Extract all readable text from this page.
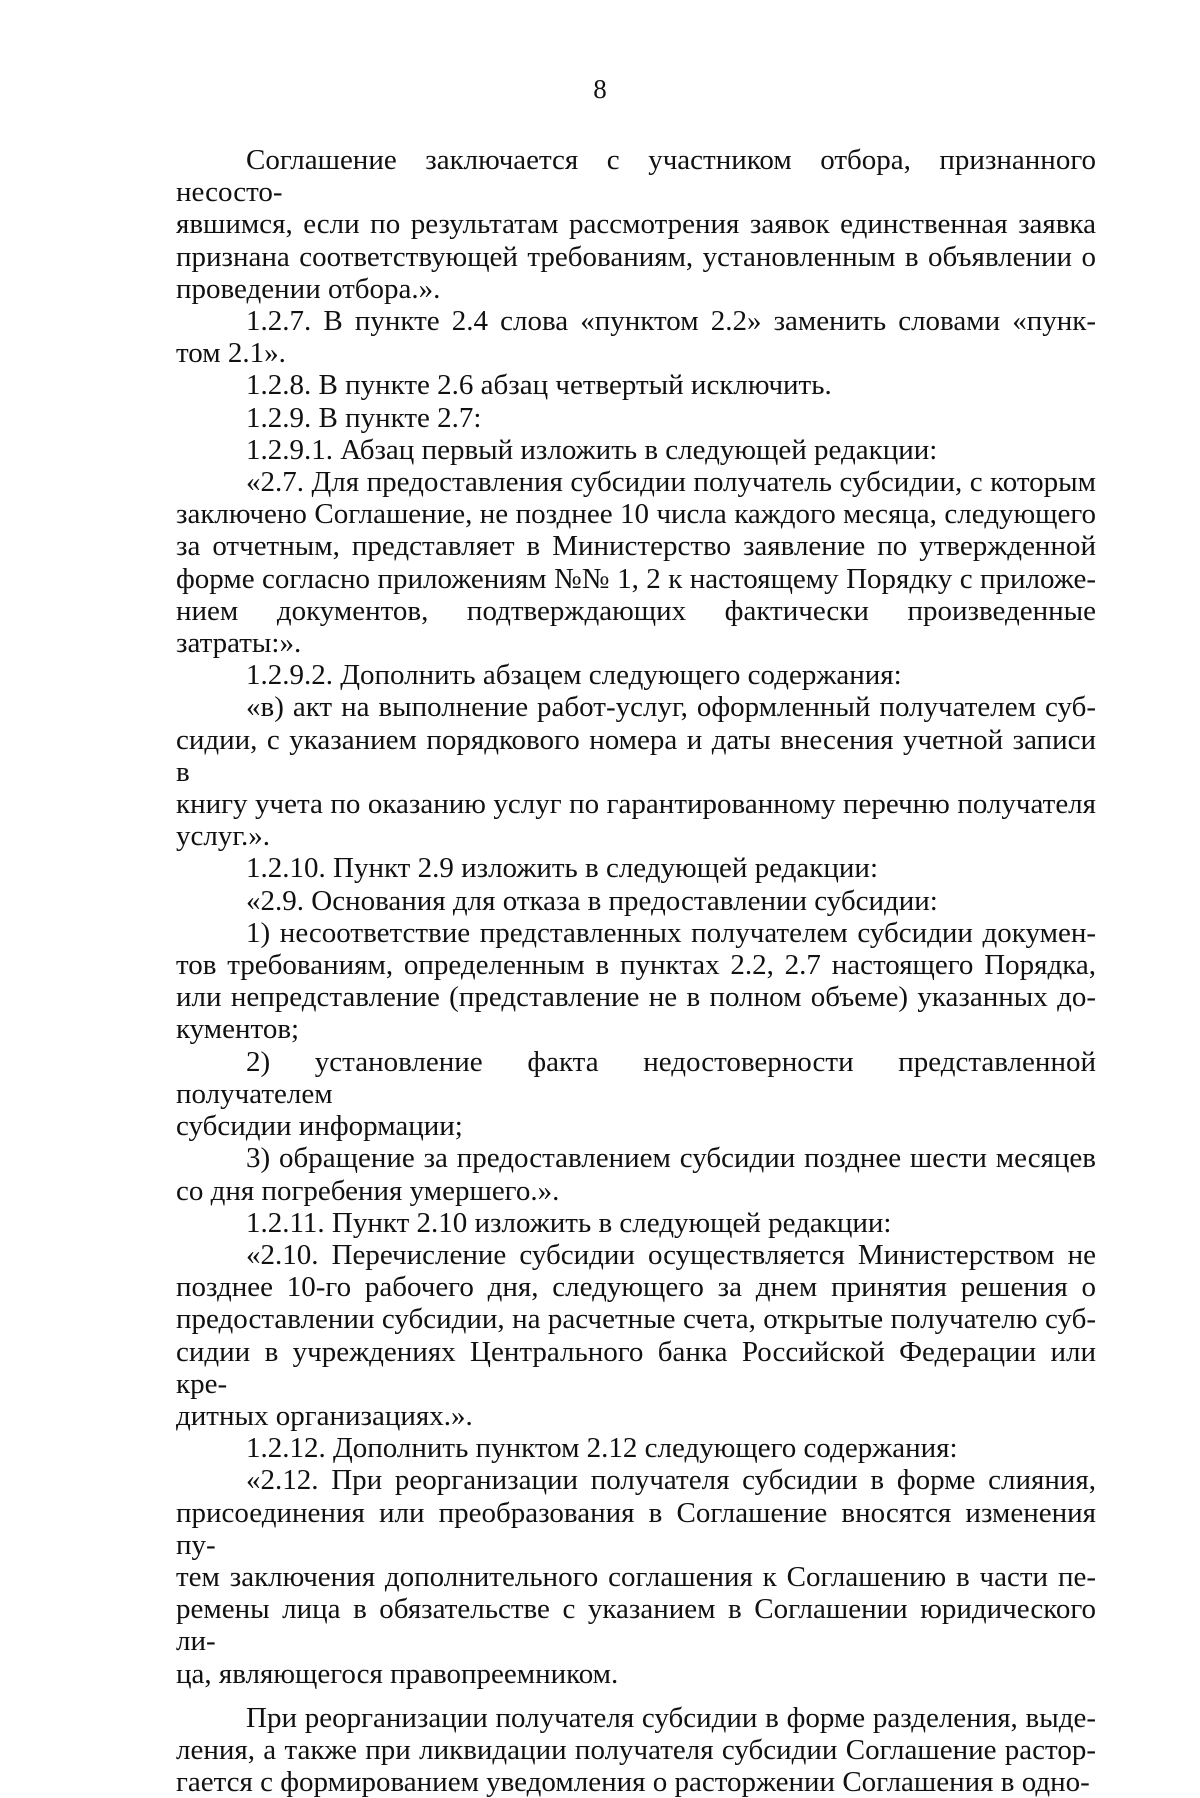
8
Соглашение заключается с участником отбора, признанного несосто-
явшимся, если по результатам рассмотрения заявок единственная заявка
признана соответствующей требованиям, установленным в объявлении о
проведении отбора.».
1.2.7. В пункте 2.4 слова «пунктом 2.2» заменить словами «пунк-
том 2.1».
1.2.8. В пункте 2.6 абзац четвертый исключить.
1.2.9. В пункте 2.7:
1.2.9.1. Абзац первый изложить в следующей редакции:
«2.7. Для предоставления субсидии получатель субсидии, с которым
заключено Соглашение, не позднее 10 числа каждого месяца, следующего
за отчетным, представляет в Министерство заявление по утвержденной
форме согласно приложениям №№ 1, 2 к настоящему Порядку с приложе-
нием документов, подтверждающих фактически произведенные затраты:».
1.2.9.2. Дополнить абзацем следующего содержания:
«в) акт на выполнение работ-услуг, оформленный получателем суб-
сидии, с указанием порядкового номера и даты внесения учетной записи в
книгу учета по оказанию услуг по гарантированному перечню получателя
услуг.».
1.2.10. Пункт 2.9 изложить в следующей редакции:
«2.9. Основания для отказа в предоставлении субсидии:
1) несоответствие представленных получателем субсидии докумен-
тов требованиям, определенным в пунктах 2.2, 2.7 настоящего Порядка,
или непредставление (представление не в полном объеме) указанных до-
кументов;
2) установление факта недостоверности представленной получателем
субсидии информации;
3) обращение за предоставлением субсидии позднее шести месяцев
со дня погребения умершего.».
1.2.11. Пункт 2.10 изложить в следующей редакции:
«2.10. Перечисление субсидии осуществляется Министерством не
позднее 10-го рабочего дня, следующего за днем принятия решения о
предоставлении субсидии, на расчетные счета, открытые получателю суб-
сидии в учреждениях Центрального банка Российской Федерации или кре-
дитных организациях.».
1.2.12. Дополнить пунктом 2.12 следующего содержания:
«2.12. При реорганизации получателя субсидии в форме слияния,
присоединения или преобразования в Соглашение вносятся изменения пу-
тем заключения дополнительного соглашения к Соглашению в части пе-
ремены лица в обязательстве с указанием в Соглашении юридического ли-
ца, являющегося правопреемником.
При реорганизации получателя субсидии в форме разделения, выде-
ления, а также при ликвидации получателя субсидии Соглашение растор-
гается с формированием уведомления о расторжении Соглашения в одно-
